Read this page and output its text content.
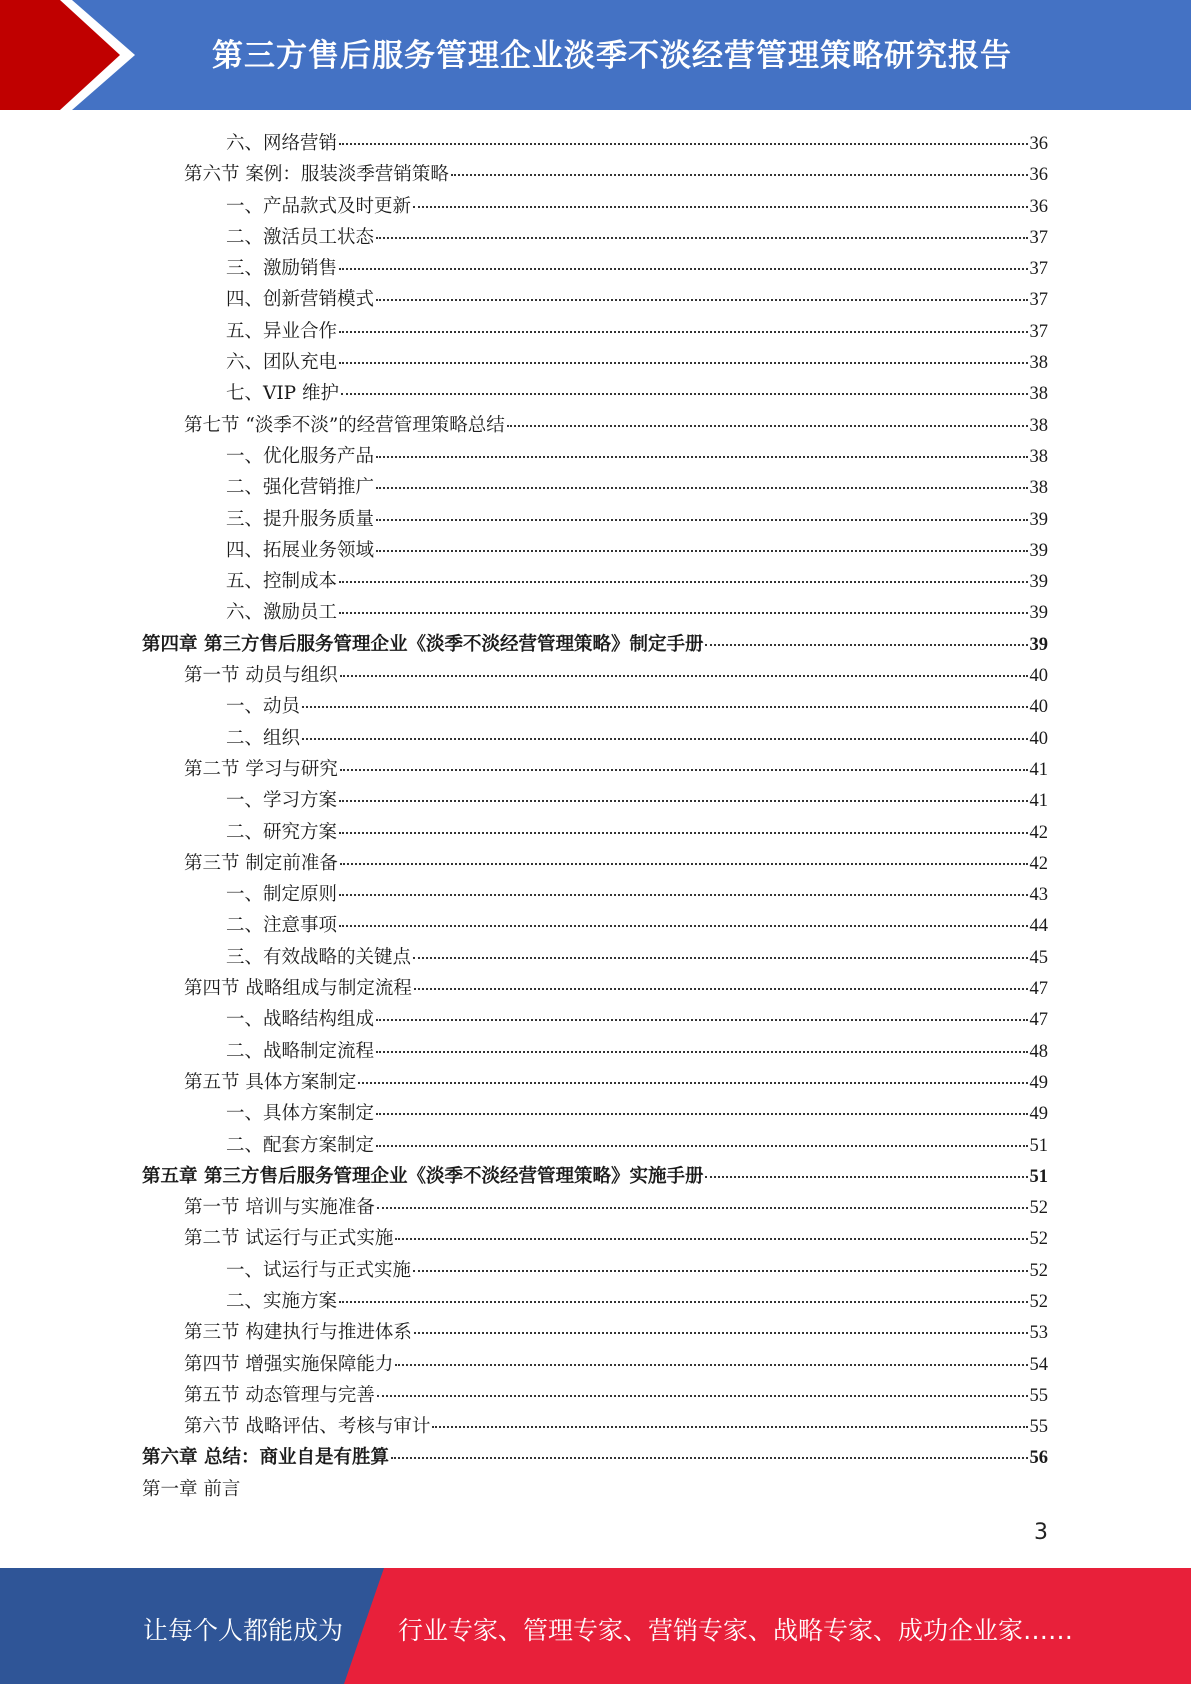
第三方售后服务管理企业淡季不淡经营管理策略研究报告
六、网络营销	36
第六节 案例：服装淡季营销策略	36
一、产品款式及时更新	36
二、激活员工状态	37
三、激励销售	37
四、创新营销模式	37
五、异业合作	37
六、团队充电	38
七、VIP 维护	38
第七节 “淡季不淡”的经营管理策略总结	38
一、优化服务产品	38
二、强化营销推广	38
三、提升服务质量	39
四、拓展业务领域	39
五、控制成本	39
六、激励员工	39
第四章 第三方售后服务管理企业《淡季不淡经营管理策略》制定手册	39
第一节 动员与组织	40
一、动员	40
二、组织	40
第二节 学习与研究	41
一、学习方案	41
二、研究方案	42
第三节 制定前准备	42
一、制定原则	43
二、注意事项	44
三、有效战略的关键点	45
第四节 战略组成与制定流程	47
一、战略结构组成	47
二、战略制定流程	48
第五节 具体方案制定	49
一、具体方案制定	49
二、配套方案制定	51
第五章 第三方售后服务管理企业《淡季不淡经营管理策略》实施手册	51
第一节 培训与实施准备	52
第二节 试运行与正式实施	52
一、试运行与正式实施	52
二、实施方案	52
第三节 构建执行与推进体系	53
第四节 增强实施保障能力	54
第五节 动态管理与完善	55
第六节 战略评估、考核与审计	55
第六章 总结：商业自是有胜算	56
第一章 前言
3
让每个人都能成为 行业专家、管理专家、营销专家、战略专家、成功企业家……
